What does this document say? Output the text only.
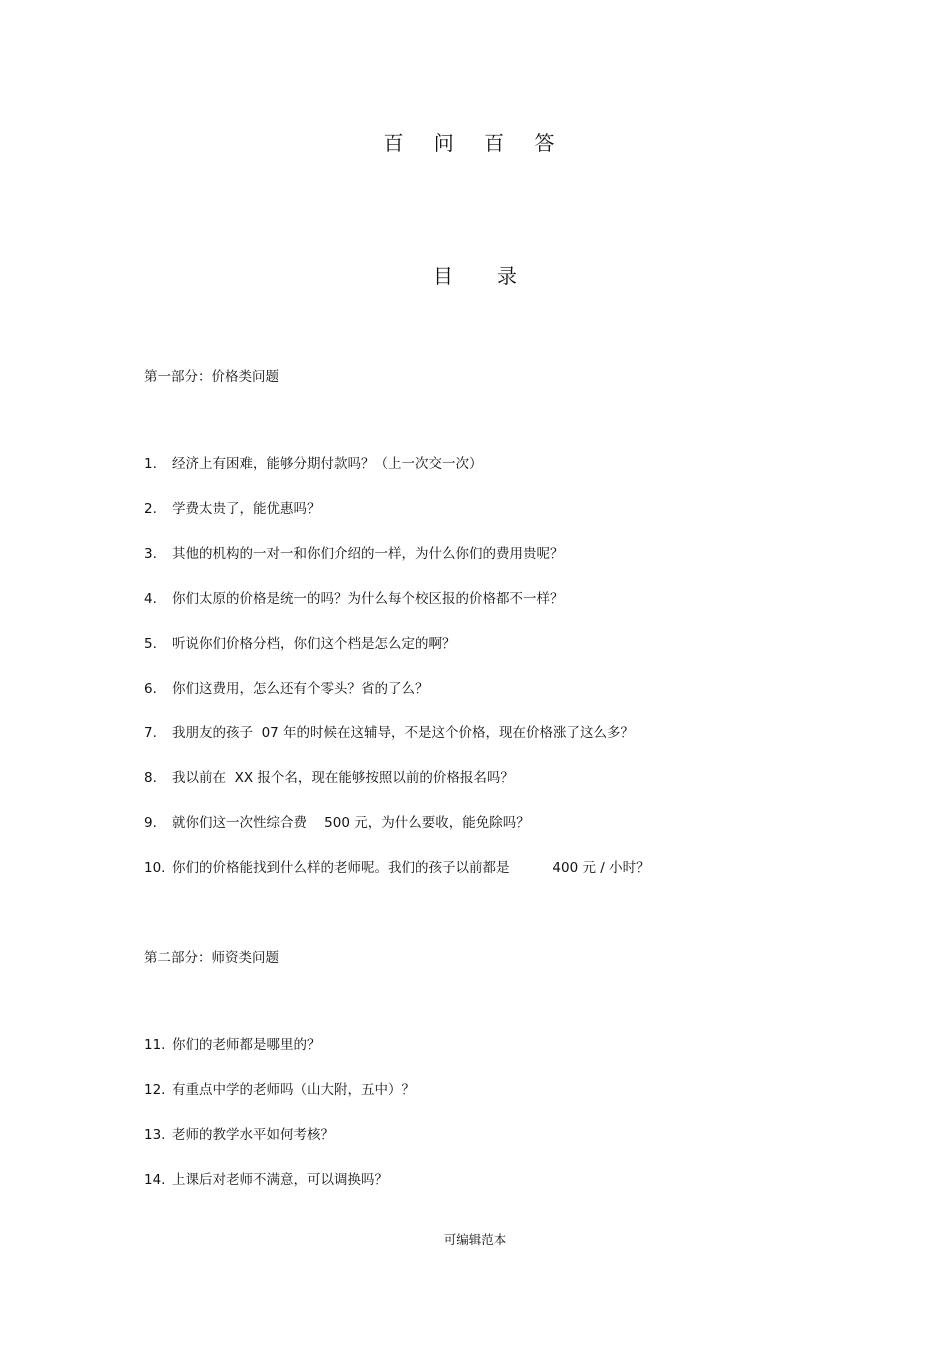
百 问 百 答
目 录
第一部分：价格类问题
1. 经济上有困难，能够分期付款吗？（上一次交一次）
2. 学费太贵了，能优惠吗？
3. 其他的机构的一对一和你们介绍的一样，为什么你们的费用贵呢？
4. 你们太原的价格是统一的吗？为什么每个校区报的价格都不一样？
5. 听说你们价格分档，你们这个档是怎么定的啊？
6. 你们这费用，怎么还有个零头？省的了么？
7. 我朋友的孩子  07 年的时候在这辅导，不是这个价格，现在价格涨了这么多？
8. 我以前在  XX 报个名，现在能够按照以前的价格报名吗？
9. 就你们这一次性综合费    500 元，为什么要收，能免除吗？
10. 你们的价格能找到什么样的老师呢。我们的孩子以前都是          400 元 / 小时？
第二部分：师资类问题
11. 你们的老师都是哪里的？
12. 有重点中学的老师吗（山大附，五中）？
13. 老师的教学水平如何考核？
14. 上课后对老师不满意，可以调换吗？
可编辑范本
